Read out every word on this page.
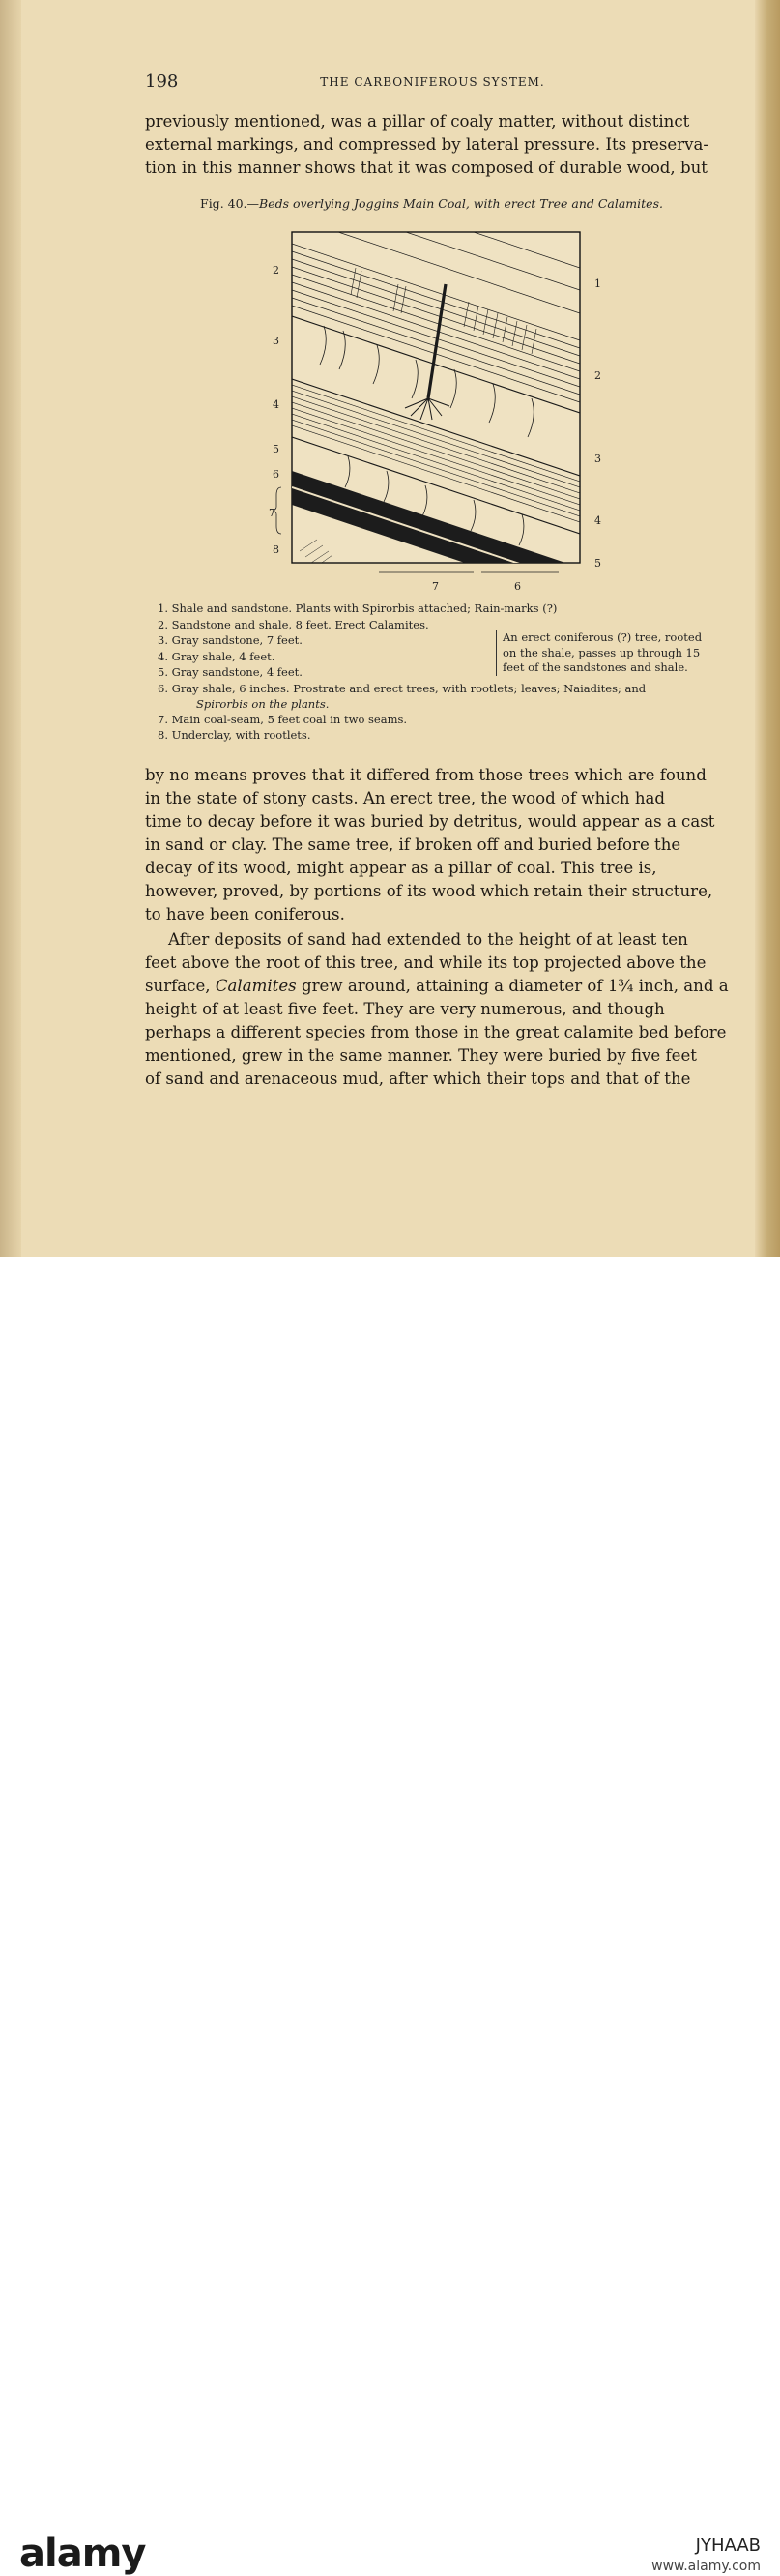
198	THE CARBONIFEROUS SYSTEM.
previously mentioned, was a pillar of coaly matter, without distinct
external markings, and compressed by lateral pressure. Its preserva-
tion in this manner shows that it was composed of durable wood, but
Fig. 40.—Beds overlying Joggins Main Coal, with erect Tree and Calamites.
2
3
4
5
6
7
8
1
2
3
4
5
7	6
1. Shale and sandstone. Plants with Spirorbis attached; Rain-marks (?)
2. Sandstone and shale, 8 feet. Erect Calamites.
3. Gray sandstone, 7 feet.
4. Gray shale, 4 feet.
5. Gray sandstone, 4 feet.
6. Gray shale, 6 inches. Prostrate and erect trees, with rootlets; leaves; Naiadites; and
Spirorbis on the plants.
7. Main coal-seam, 5 feet coal in two seams.
8. Underclay, with rootlets.
An erect coniferous (?) tree, rooted
on the shale, passes up through 15
feet of the sandstones and shale.
by no means proves that it differed from those trees which are found
in the state of stony casts. An erect tree, the wood of which had
time to decay before it was buried by detritus, would appear as a cast
in sand or clay. The same tree, if broken off and buried before the
decay of its wood, might appear as a pillar of coal. This tree is,
however, proved, by portions of its wood which retain their structure,
to have been coniferous.
After deposits of sand had extended to the height of at least ten
feet above the root of this tree, and while its top projected above the
surface, Calamites grew around, attaining a diameter of 1¾ inch, and a
height of at least five feet. They are very numerous, and though
perhaps a different species from those in the great calamite bed before
mentioned, grew in the same manner. They were buried by five feet
of sand and arenaceous mud, after which their tops and that of the
alamy	JYHAAB
www.alamy.com
